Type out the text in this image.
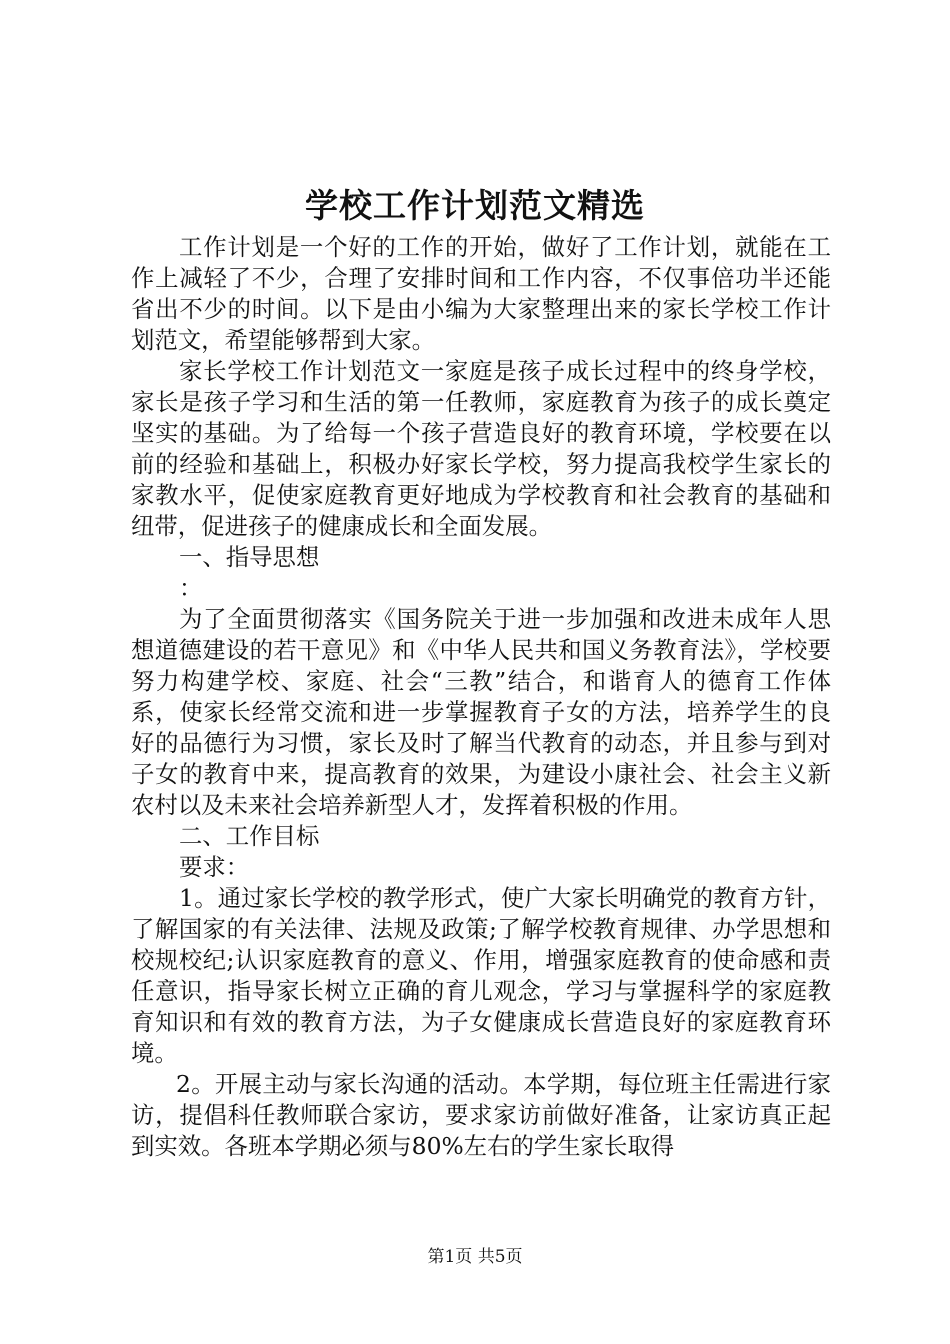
学校工作计划范文精选

工作计划是一个好的工作的开始，做好了工作计划，就能在工作上减轻了不少，合理了安排时间和工作内容，不仅事倍功半还能省出不少的时间。以下是由小编为大家整理出来的家长学校工作计划范文，希望能够帮到大家。

家长学校工作计划范文一家庭是孩子成长过程中的终身学校，家长是孩子学习和生活的第一任教师，家庭教育为孩子的成长奠定坚实的基础。为了给每一个孩子营造良好的教育环境，学校要在以前的经验和基础上，积极办好家长学校，努力提高我校学生家长的家教水平，促使家庭教育更好地成为学校教育和社会教育的基础和纽带，促进孩子的健康成长和全面发展。

一、指导思想

：

为了全面贯彻落实《国务院关于进一步加强和改进未成年人思想道德建设的若干意见》和《中华人民共和国义务教育法》，学校要努力构建学校、家庭、社会“三教”结合，和谐育人的德育工作体系，使家长经常交流和进一步掌握教育子女的方法，培养学生的良好的品德行为习惯，家长及时了解当代教育的动态，并且参与到对子女的教育中来，提高教育的效果，为建设小康社会、社会主义新农村以及未来社会培养新型人才，发挥着积极的作用。

二、工作目标

要求：

1。通过家长学校的教学形式，使广大家长明确党的教育方针，了解国家的有关法律、法规及政策;了解学校教育规律、办学思想和校规校纪;认识家庭教育的意义、作用，增强家庭教育的使命感和责任意识，指导家长树立正确的育儿观念，学习与掌握科学的家庭教育知识和有效的教育方法，为子女健康成长营造良好的家庭教育环境。

2。开展主动与家长沟通的活动。本学期，每位班主任需进行家访，提倡科任教师联合家访，要求家访前做好准备，让家访真正起到实效。各班本学期必须与80%左右的学生家长取得

第1页 共5页
